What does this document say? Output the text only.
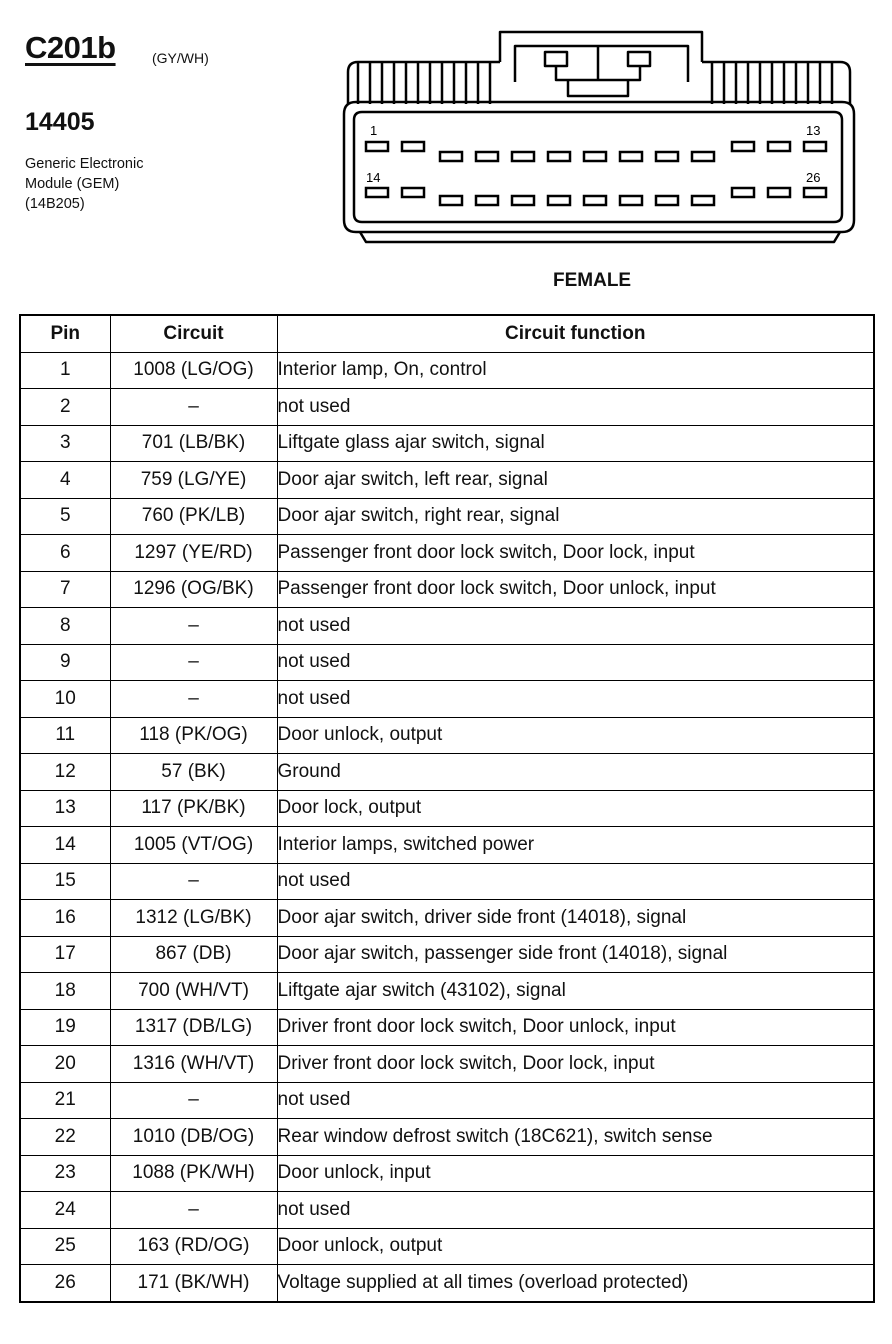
C201b	(GY/WH)
14405
Generic Electronic
Module (GEM)
(14B205)
1	13
14	26
FEMALE
Pin	Circuit	Circuit function
1	1008 (LG/OG)	Interior lamp, On, control
2	–	not used
3	701 (LB/BK)	Liftgate glass ajar switch, signal
4	759 (LG/YE)	Door ajar switch, left rear, signal
5	760 (PK/LB)	Door ajar switch, right rear, signal
6	1297 (YE/RD)	Passenger front door lock switch, Door lock, input
7	1296 (OG/BK)	Passenger front door lock switch, Door unlock, input
8	–	not used
9	–	not used
10	–	not used
11	118 (PK/OG)	Door unlock, output
12	57 (BK)	Ground
13	117 (PK/BK)	Door lock, output
14	1005 (VT/OG)	Interior lamps, switched power
15	–	not used
16	1312 (LG/BK)	Door ajar switch, driver side front (14018), signal
17	867 (DB)	Door ajar switch, passenger side front (14018), signal
18	700 (WH/VT)	Liftgate ajar switch (43102), signal
19	1317 (DB/LG)	Driver front door lock switch, Door unlock, input
20	1316 (WH/VT)	Driver front door lock switch, Door lock, input
21	–	not used
22	1010 (DB/OG)	Rear window defrost switch (18C621), switch sense
23	1088 (PK/WH)	Door unlock, input
24	–	not used
25	163 (RD/OG)	Door unlock, output
26	171 (BK/WH)	Voltage supplied at all times (overload protected)
